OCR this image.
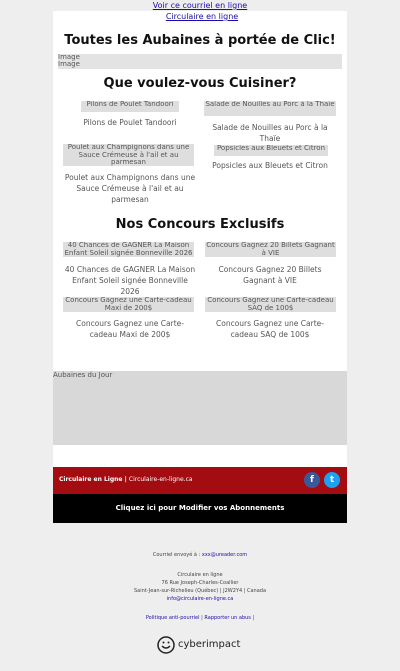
Voir ce courriel en ligne
Circulaire en ligne
Toutes les Aubaines à portée de Clic!
Image
Image
Que voulez-vous Cuisiner?
Pilons de Poulet Tandoori
Pilons de Poulet Tandoori
Salade de Nouilles au Porc à la Thaïe
Salade de Nouilles au Porc à la Thaïe
Poulet aux Champignons dans une Sauce Crémeuse à l'ail et au parmesan
Poulet aux Champignons dans une Sauce Crémeuse à l'ail et au parmesan
Popsicles aux Bleuets et Citron
Popsicles aux Bleuets et Citron
Nos Concours Exclusifs
40 Chances de GAGNER La Maison Enfant Soleil signée Bonneville 2026
40 Chances de GAGNER La Maison Enfant Soleil signée Bonneville 2026
Concours Gagnez 20 Billets Gagnant à VIE
Concours Gagnez 20 Billets Gagnant à VIE
Concours Gagnez une Carte-cadeau Maxi de 200$
Concours Gagnez une Carte-cadeau Maxi de 200$
Concours Gagnez une Carte-cadeau SAQ de 100$
Concours Gagnez une Carte-cadeau SAQ de 100$
Aubaines du Jour
Circulaire en Ligne | Circulaire-en-ligne.ca	f	t
Cliquez ici pour Modifier vos Abonnements
Courriel envoyé à : xxx@ureader.com
Circulaire en ligne
76 Rue Joseph-Charles-Coallier
Saint-Jean-sur-Richelieu (Québec) | J2W2Y4 | Canada
info@circulaire-en-ligne.ca
Politique anti-pourriel | Rapporter un abus |
cyberimpact
